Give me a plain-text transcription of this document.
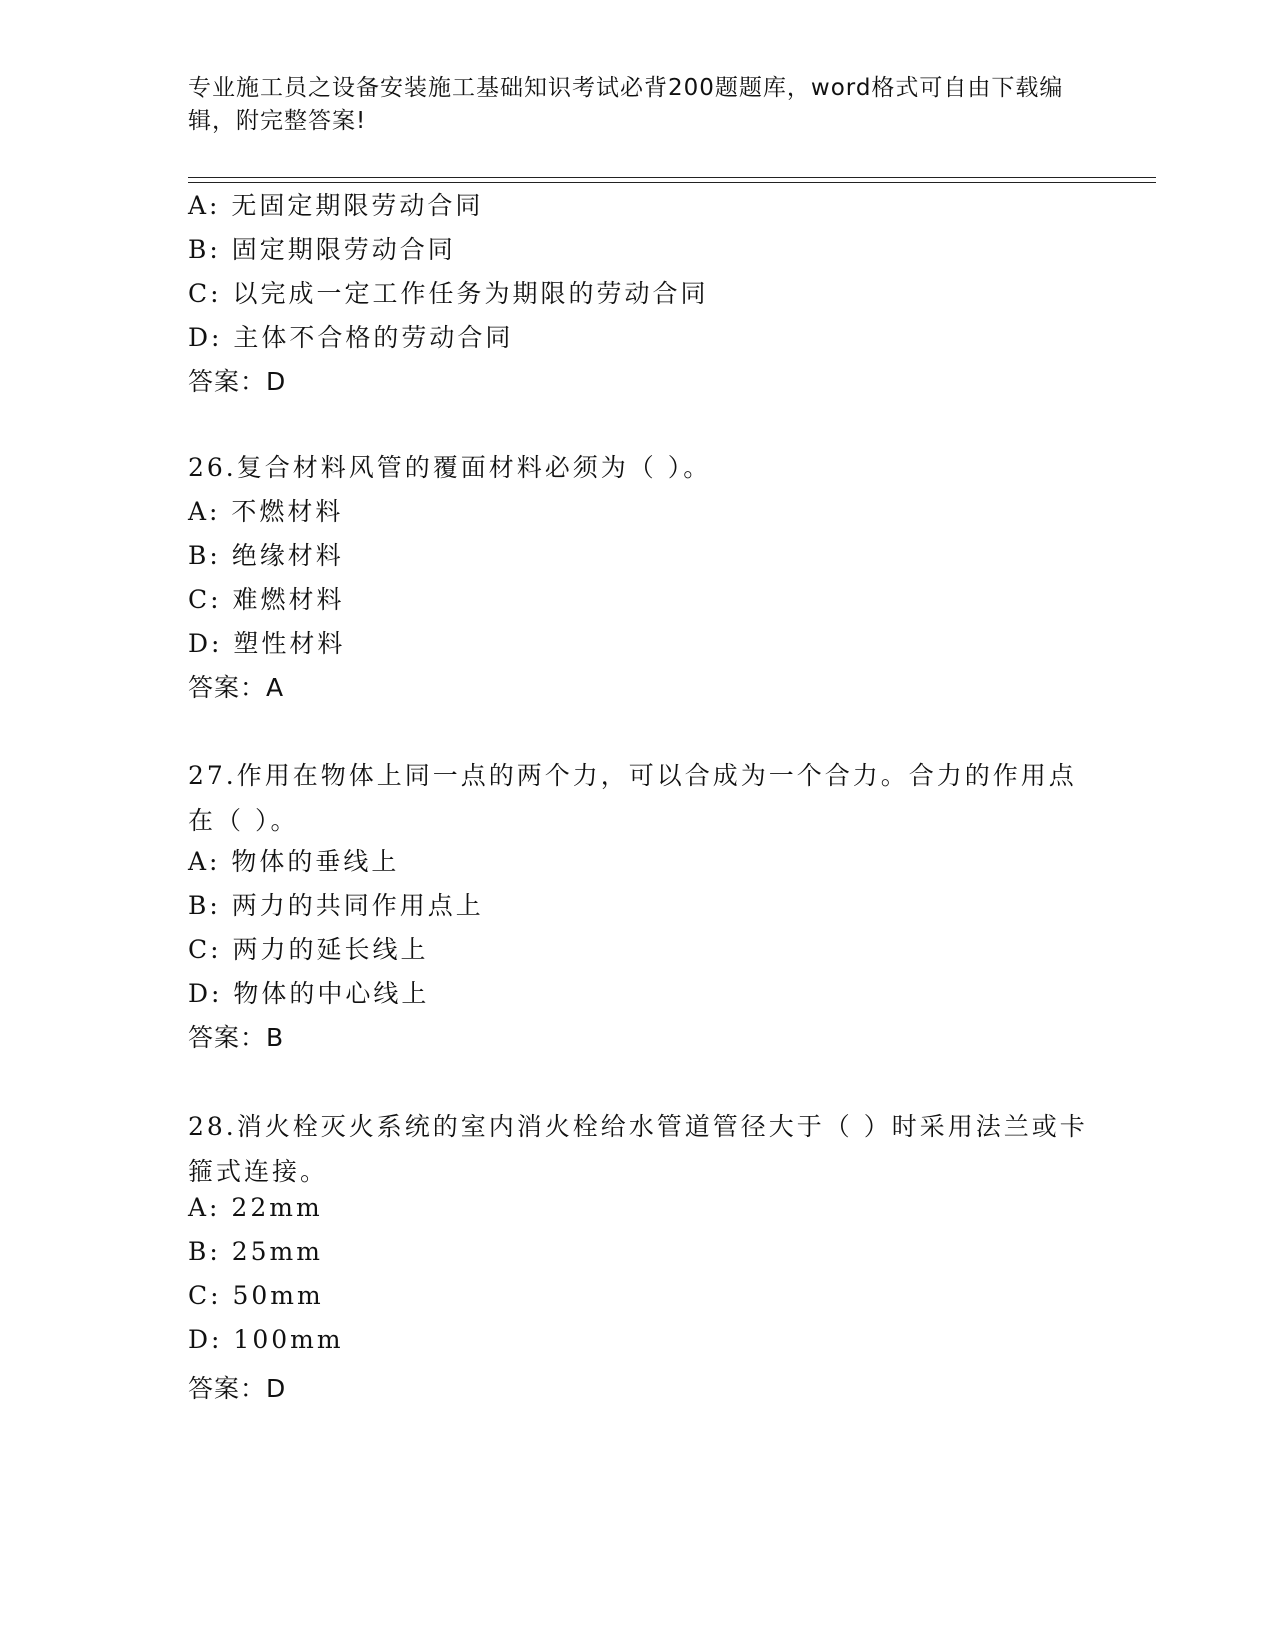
专业施工员之设备安装施工基础知识考试必背200题题库，word格式可自由下载编辑，附完整答案!

A: 无固定期限劳动合同
B: 固定期限劳动合同
C: 以完成一定工作任务为期限的劳动合同
D: 主体不合格的劳动合同
答案：D
26.复合材料风管的覆面材料必须为（ ）。
A: 不燃材料
B: 绝缘材料
C: 难燃材料
D: 塑性材料
答案：A
27.作用在物体上同一点的两个力，可以合成为一个合力。合力的作用点在（ ）。
A: 物体的垂线上
B: 两力的共同作用点上
C: 两力的延长线上
D: 物体的中心线上
答案：B
28.消火栓灭火系统的室内消火栓给水管道管径大于（ ）时采用法兰或卡箍式连接。
A: 22mm
B: 25mm
C: 50mm
D: 100mm
答案：D
